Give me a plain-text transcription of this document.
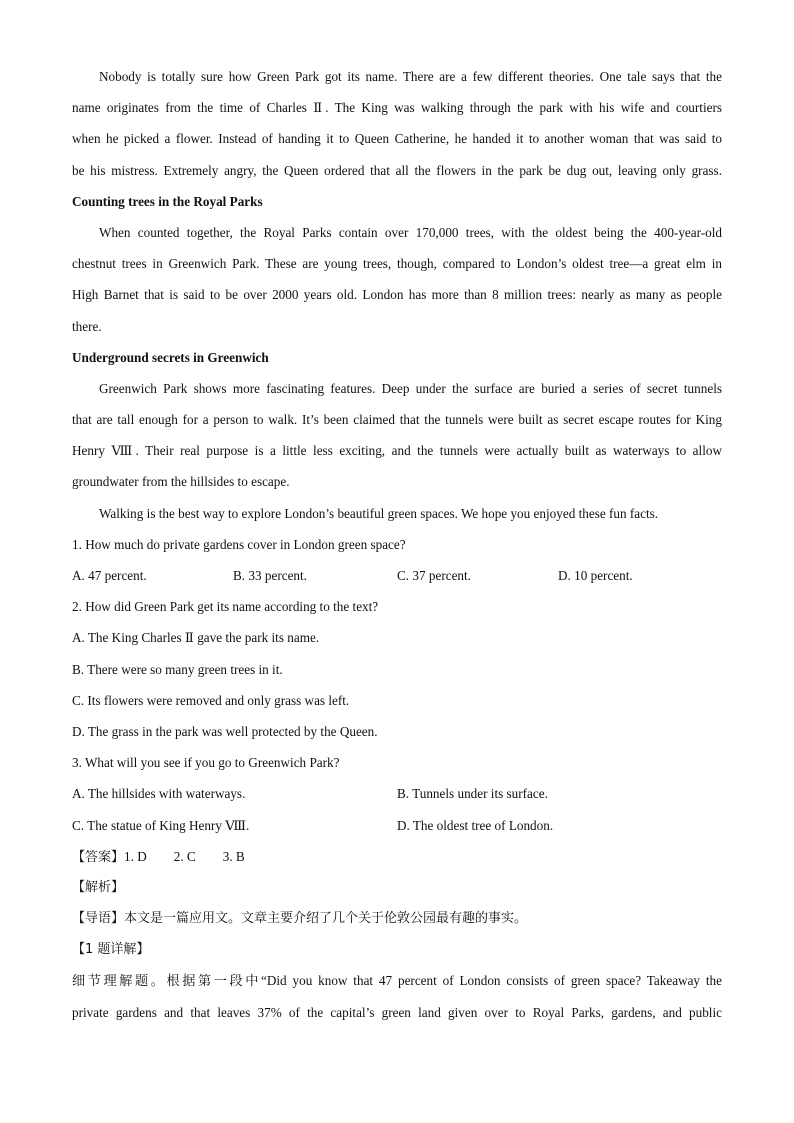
Nobody is totally sure how Green Park got its name. There are a few different theories. One tale says that the
name originates from the time of Charles Ⅱ. The King was walking through the park with his wife and courtiers
when he picked a flower. Instead of handing it to Queen Catherine, he handed it to another woman that was said to
be his mistress. Extremely angry, the Queen ordered that all the flowers in the park be dug out, leaving only grass.
Counting trees in the Royal Parks
When counted together, the Royal Parks contain over 170,000 trees, with the oldest being the 400-year-old
chestnut trees in Greenwich Park. These are young trees, though, compared to London’s oldest tree—a great elm in
High Barnet that is said to be over 2000 years old. London has more than 8 million trees: nearly as many as people
there.
Underground secrets in Greenwich
Greenwich Park shows more fascinating features. Deep under the surface are buried a series of secret tunnels
that are tall enough for a person to walk. It’s been claimed that the tunnels were built as secret escape routes for King
Henry Ⅷ. Their real purpose is a little less exciting, and the tunnels were actually built as waterways to allow
groundwater from the hillsides to escape.
Walking is the best way to explore London’s beautiful green spaces. We hope you enjoyed these fun facts.
1. How much do private gardens cover in London green space?
A. 47 percent.	B. 33 percent.	C. 37 percent.	D. 10 percent.
2. How did Green Park get its name according to the text?
A. The King Charles Ⅱ gave the park its name.
B. There were so many green trees in it.
C. Its flowers were removed and only grass was left.
D. The grass in the park was well protected by the Queen.
3. What will you see if you go to Greenwich Park?
A. The hillsides with waterways.	B. Tunnels under its surface.
C. The statue of King Henry Ⅷ.	D. The oldest tree of London.
【答案】1. D 2. C 3. B
【解析】
【导语】本文是一篇应用文。文章主要介绍了几个关于伦敦公园最有趣的事实。
【1 题详解】
细节理解题。根据第一段中“Did you know that 47 percent of London consists of green space? Takeaway the
private gardens and that leaves 37% of the capital’s green land given over to Royal Parks, gardens, and public
